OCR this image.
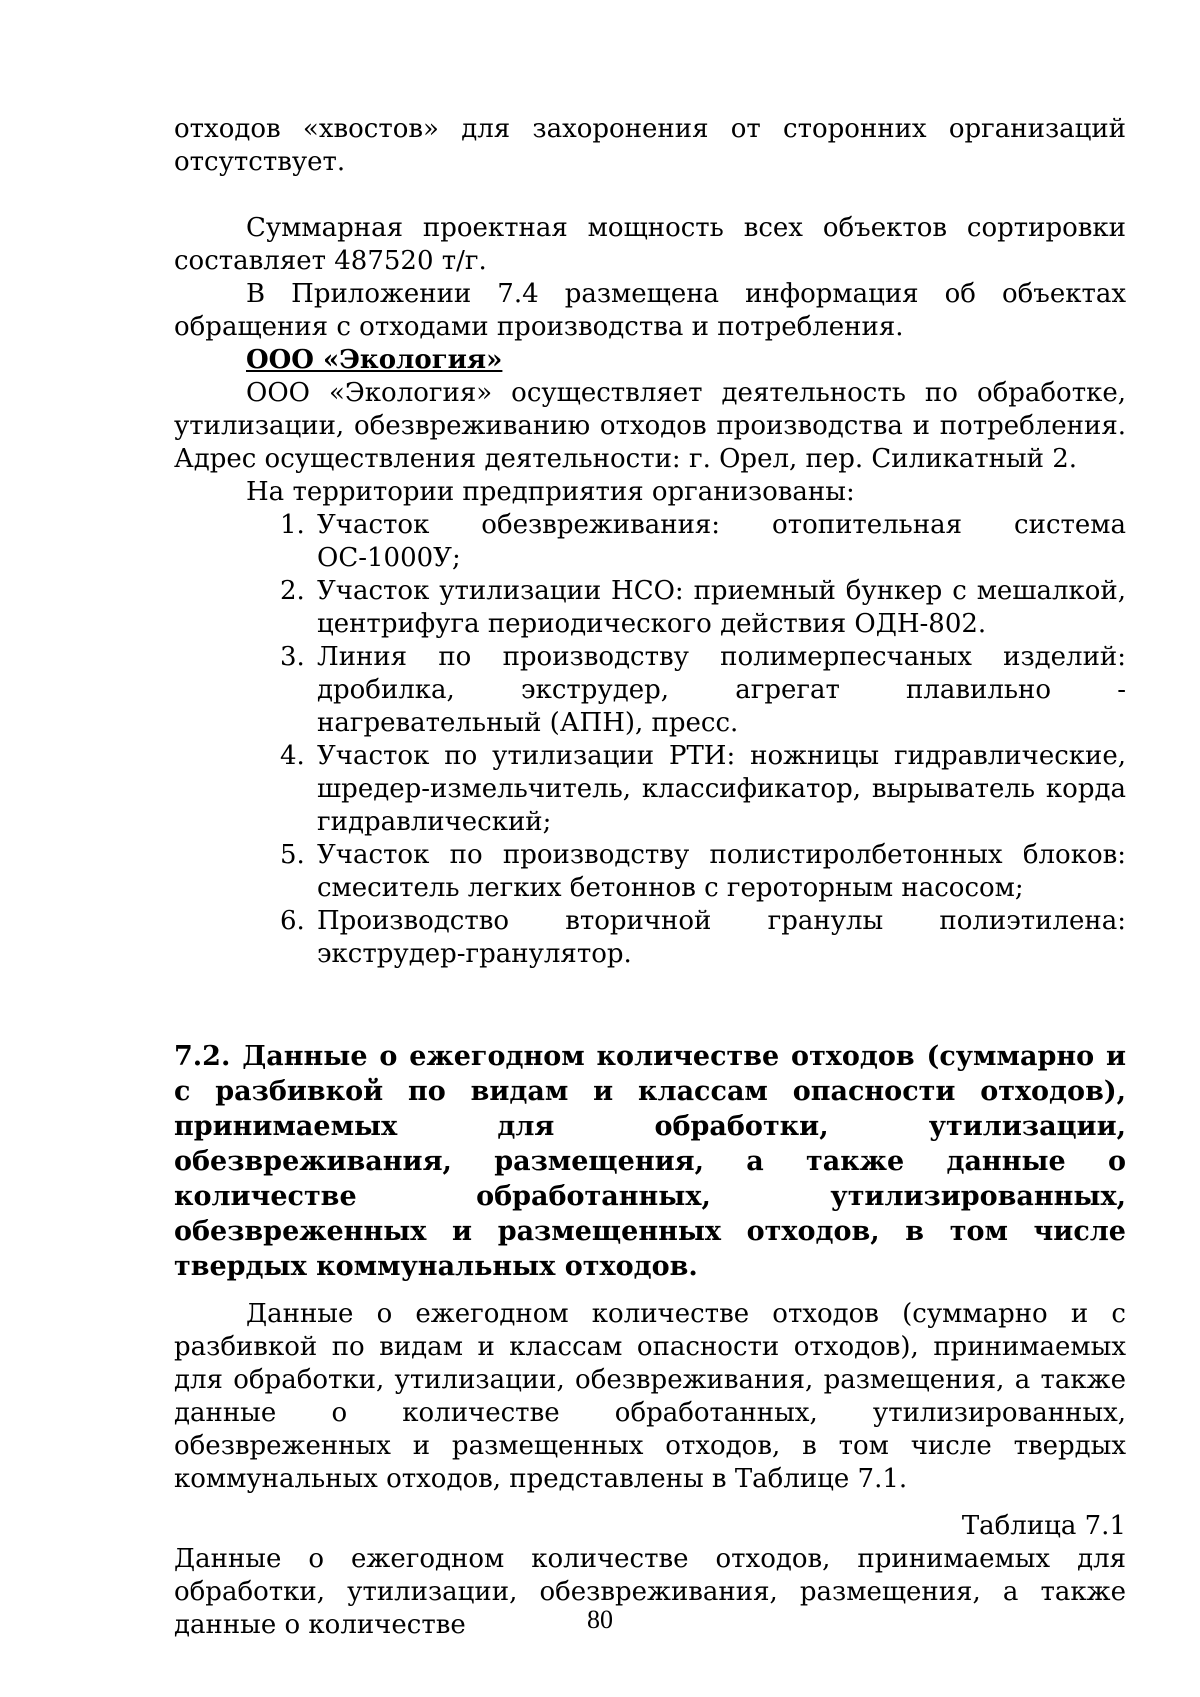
отходов «хвостов» для захоронения от сторонних организаций отсутствует.

Суммарная проектная мощность всех объектов сортировки составляет 487520 т/г.

В Приложении 7.4 размещена информация об объектах обращения с отходами производства и потребления.

ООО «Экология»

ООО «Экология» осуществляет деятельность по обработке, утилизации, обезвреживанию отходов производства и потребления. Адрес осуществления деятельности: г. Орел, пер. Силикатный 2.

На территории предприятия организованы:

1. Участок обезвреживания: отопительная система ОС-1000У;
2. Участок утилизации НСО: приемный бункер с мешалкой, центрифуга периодического действия ОДН-802.
3. Линия по производству полимерпесчаных изделий: дробилка, экструдер, агрегат плавильно - нагревательный (АПН), пресс.
4. Участок по утилизации РТИ: ножницы гидравлические, шредер-измельчитель, классификатор, вырыватель корда гидравлический;
5. Участок по производству полистиролбетонных блоков: смеситель легких бетоннов с героторным насосом;
6. Производство вторичной гранулы полиэтилена: экструдер-гранулятор.

7.2. Данные о ежегодном количестве отходов (суммарно и с разбивкой по видам и классам опасности отходов), принимаемых для обработки, утилизации, обезвреживания, размещения, а также данные о количестве обработанных, утилизированных, обезвреженных и размещенных отходов, в том числе твердых коммунальных отходов.

Данные о ежегодном количестве отходов (суммарно и с разбивкой по видам и классам опасности отходов), принимаемых для обработки, утилизации, обезвреживания, размещения, а также данные о количестве обработанных, утилизированных, обезвреженных и размещенных отходов, в том числе твердых коммунальных отходов, представлены в Таблице 7.1.

Таблица 7.1

Данные о ежегодном количестве отходов, принимаемых для обработки, утилизации, обезвреживания, размещения, а также данные о количестве	80
